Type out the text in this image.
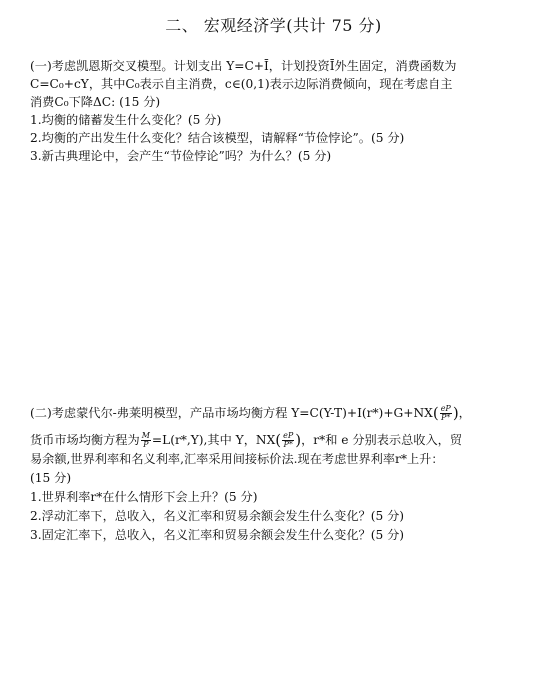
二、 宏观经济学(共计 75 分)

(一)考虑凯恩斯交叉模型。计划支出 Y=C+Ī，计划投资Ī外生固定，消费函数为

C=C₀+cY，其中C₀表示自主消费，c∈(0,1)表示边际消费倾向，现在考虑自主

消费C₀下降ΔC: (15 分)

1.均衡的储蓄发生什么变化？(5 分)

2.均衡的产出发生什么变化？结合该模型，请解释“节俭悖论”。(5 分)

3.新古典理论中，会产生“节俭悖论”吗？为什么？(5 分)

(二)考虑蒙代尔-弗莱明模型，产品市场均衡方程 $Y=C(Y-T)+I(r*)+G+NX( \frac{eP}{P*}$ )，

货币市场均衡方程为 $\frac{M}{P} =L(r*,Y)$,其中 Y，$NX( \frac{eP}{P*}$ )，r*和 e 分别表示总收入，贸

易余额,世界利率和名义利率,汇率采用间接标价法.现在考虑世界利率r*上升：

(15 分)

1.世界利率r*在什么情形下会上升？(5 分)

2.浮动汇率下，总收入，名义汇率和贸易余额会发生什么变化？(5 分)

3.固定汇率下，总收入，名义汇率和贸易余额会发生什么变化？(5 分)
